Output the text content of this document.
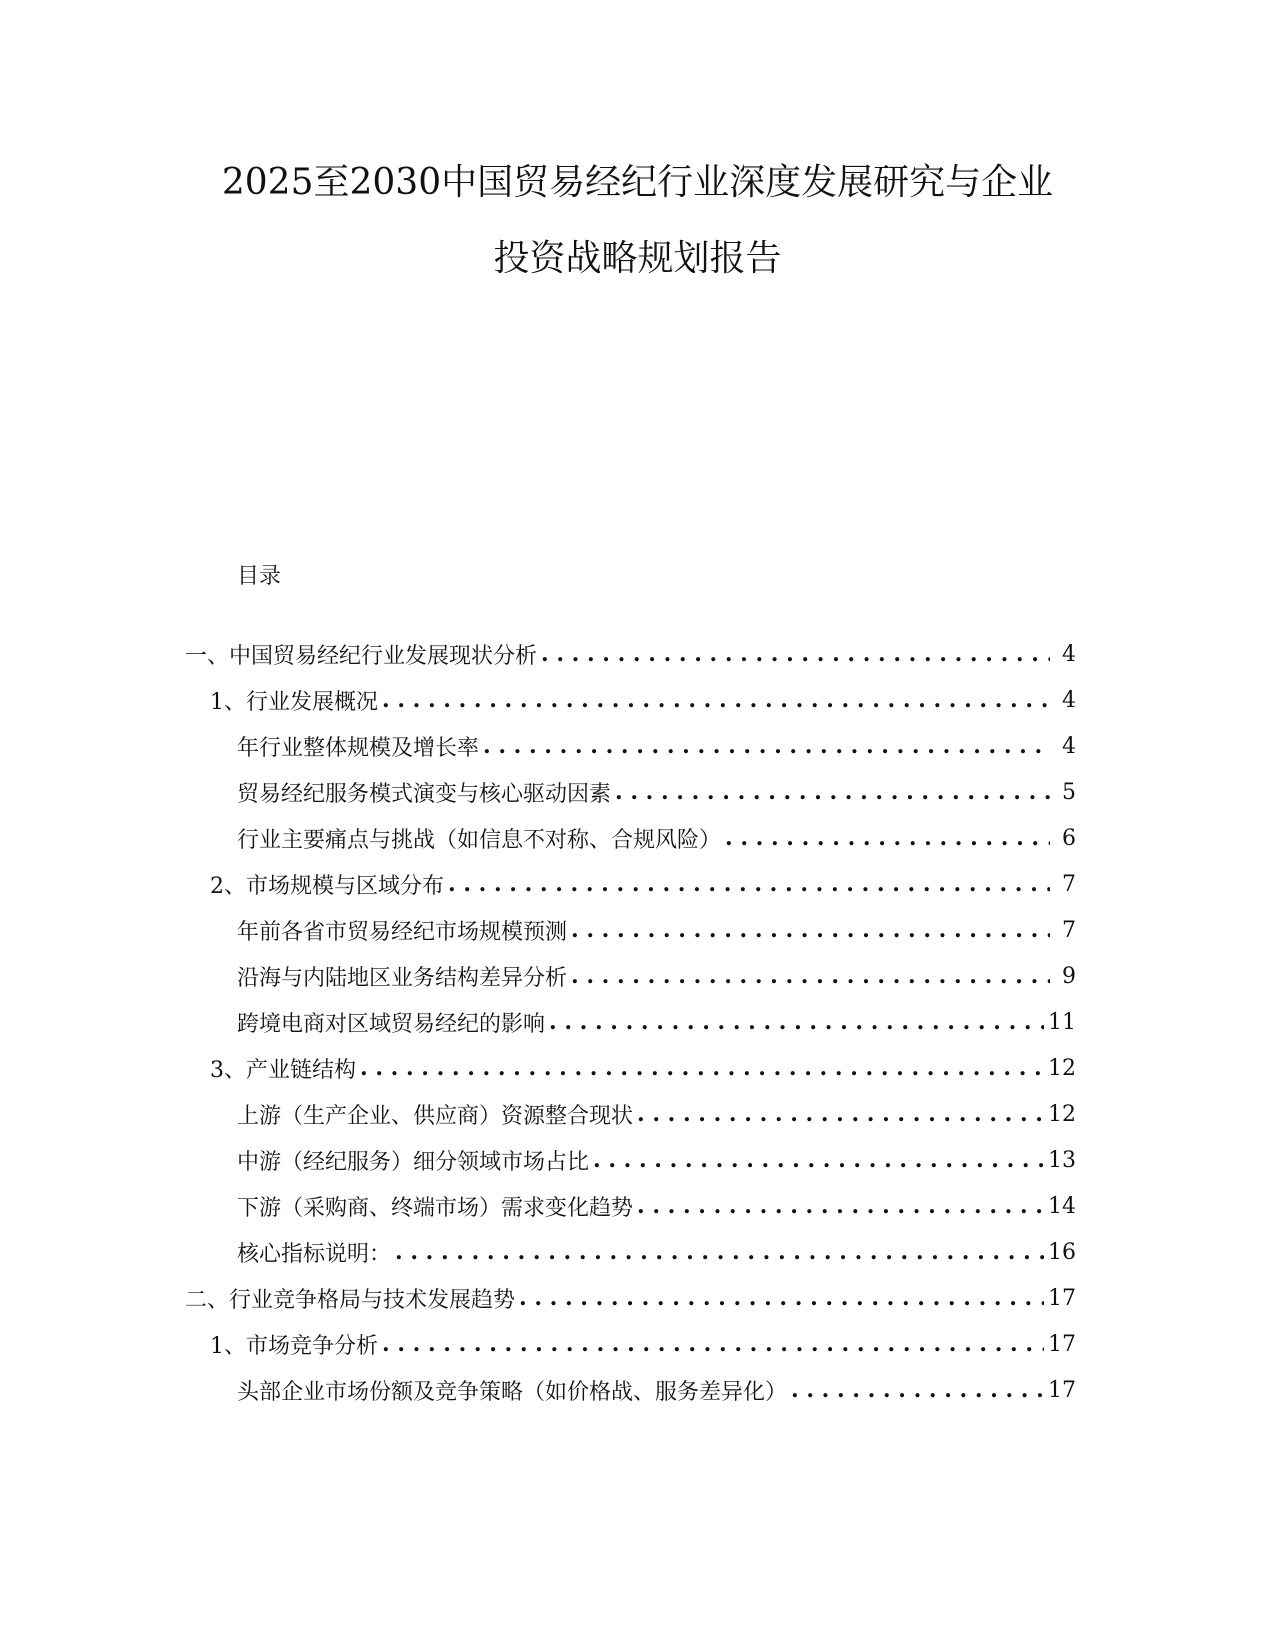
2025至2030中国贸易经纪行业深度发展研究与企业
投资战略规划报告
目录
一、中国贸易经纪行业发展现状分析 . . .	4
1、行业发展概况 . . .	4
年行业整体规模及增长率 . . .	4
贸易经纪服务模式演变与核心驱动因素 . . .	5
行业主要痛点与挑战（如信息不对称、合规风险） . . .	6
2、市场规模与区域分布 . . .	7
年前各省市贸易经纪市场规模预测 . . .	7
沿海与内陆地区业务结构差异分析 . . .	9
跨境电商对区域贸易经纪的影响 . . .	11
3、产业链结构 . . .	12
上游（生产企业、供应商）资源整合现状 . . .	12
中游（经纪服务）细分领域市场占比 . . .	13
下游（采购商、终端市场）需求变化趋势 . . .	14
核心指标说明： . . .	16
二、行业竞争格局与技术发展趋势 . . .	17
1、市场竞争分析 . . .	17
头部企业市场份额及竞争策略（如价格战、服务差异化） . . .	17
